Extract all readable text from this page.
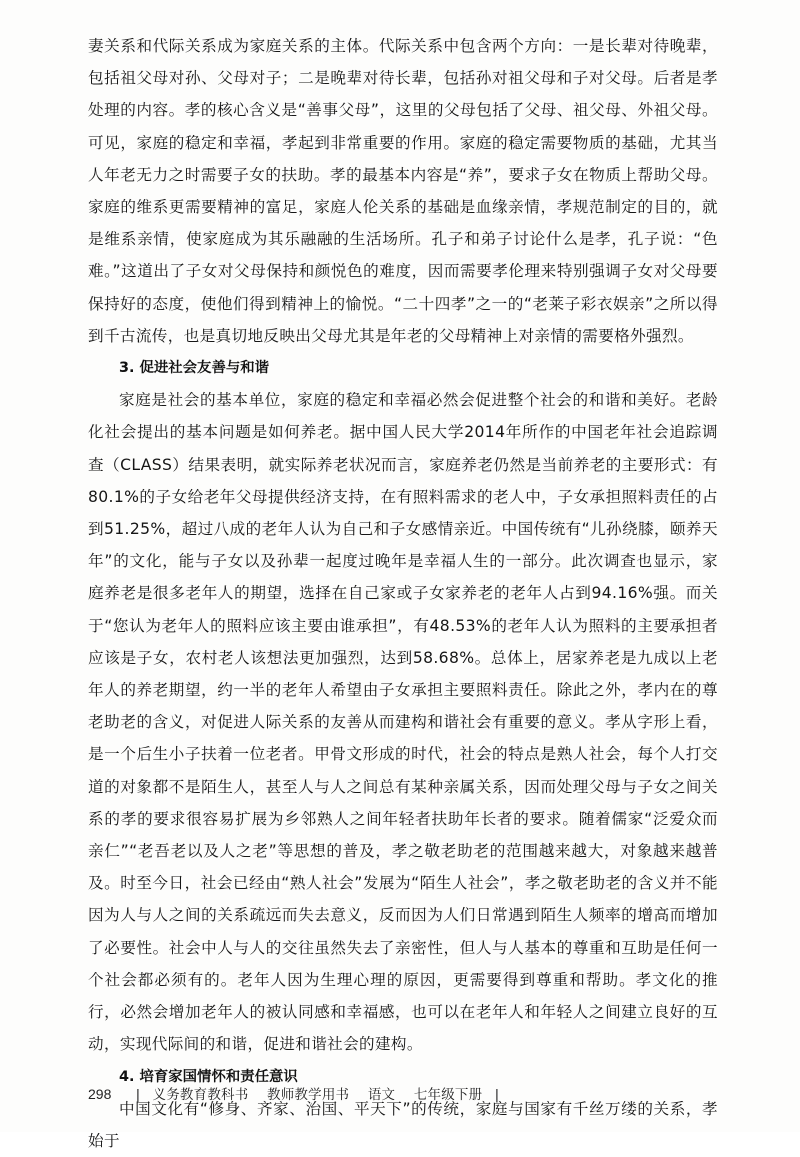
妻关系和代际关系成为家庭关系的主体。代际关系中包含两个方向：一是长辈对待晚辈，包括祖父母对孙、父母对子；二是晚辈对待长辈，包括孙对祖父母和子对父母。后者是孝处理的内容。孝的核心含义是“善事父母”，这里的父母包括了父母、祖父母、外祖父母。可见，家庭的稳定和幸福，孝起到非常重要的作用。家庭的稳定需要物质的基础，尤其当人年老无力之时需要子女的扶助。孝的最基本内容是“养”，要求子女在物质上帮助父母。家庭的维系更需要精神的富足，家庭人伦关系的基础是血缘亲情，孝规范制定的目的，就是维系亲情，使家庭成为其乐融融的生活场所。孔子和弟子讨论什么是孝，孔子说：“色难。”这道出了子女对父母保持和颜悦色的难度，因而需要孝伦理来特别强调子女对父母要保持好的态度，使他们得到精神上的愉悦。“二十四孝”之一的“老莱子彩衣娱亲”之所以得到千古流传，也是真切地反映出父母尤其是年老的父母精神上对亲情的需要格外强烈。

3. 促进社会友善与和谐

家庭是社会的基本单位，家庭的稳定和幸福必然会促进整个社会的和谐和美好。老龄化社会提出的基本问题是如何养老。据中国人民大学2014年所作的中国老年社会追踪调查（CLASS）结果表明，就实际养老状况而言，家庭养老仍然是当前养老的主要形式：有80.1%的子女给老年父母提供经济支持，在有照料需求的老人中，子女承担照料责任的占到51.25%，超过八成的老年人认为自己和子女感情亲近。中国传统有“儿孙绕膝，颐养天年”的文化，能与子女以及孙辈一起度过晚年是幸福人生的一部分。此次调查也显示，家庭养老是很多老年人的期望，选择在自己家或子女家养老的老年人占到94.16%强。而关于“您认为老年人的照料应该主要由谁承担”，有48.53%的老年人认为照料的主要承担者应该是子女，农村老人该想法更加强烈，达到58.68%。总体上，居家养老是九成以上老年人的养老期望，约一半的老年人希望由子女承担主要照料责任。除此之外，孝内在的尊老助老的含义，对促进人际关系的友善从而建构和谐社会有重要的意义。孝从字形上看，是一个后生小子扶着一位老者。甲骨文形成的时代，社会的特点是熟人社会，每个人打交道的对象都不是陌生人，甚至人与人之间总有某种亲属关系，因而处理父母与子女之间关系的孝的要求很容易扩展为乡邻熟人之间年轻者扶助年长者的要求。随着儒家“泛爱众而亲仁”“老吾老以及人之老”等思想的普及，孝之敬老助老的范围越来越大，对象越来越普及。时至今日，社会已经由“熟人社会”发展为“陌生人社会”，孝之敬老助老的含义并不能因为人与人之间的关系疏远而失去意义，反而因为人们日常遇到陌生人频率的增高而增加了必要性。社会中人与人的交往虽然失去了亲密性，但人与人基本的尊重和互助是任何一个社会都必须有的。老年人因为生理心理的原因，更需要得到尊重和帮助。孝文化的推行，必然会增加老年人的被认同感和幸福感，也可以在老年人和年轻人之间建立良好的互动，实现代际间的和谐，促进和谐社会的建构。

4. 培育家国情怀和责任意识

中国文化有“修身、齐家、治国、平天下”的传统，家庭与国家有千丝万缕的关系，孝始于

298 | 义务教育教科书 教师教学用书 语文 七年级下册 |
